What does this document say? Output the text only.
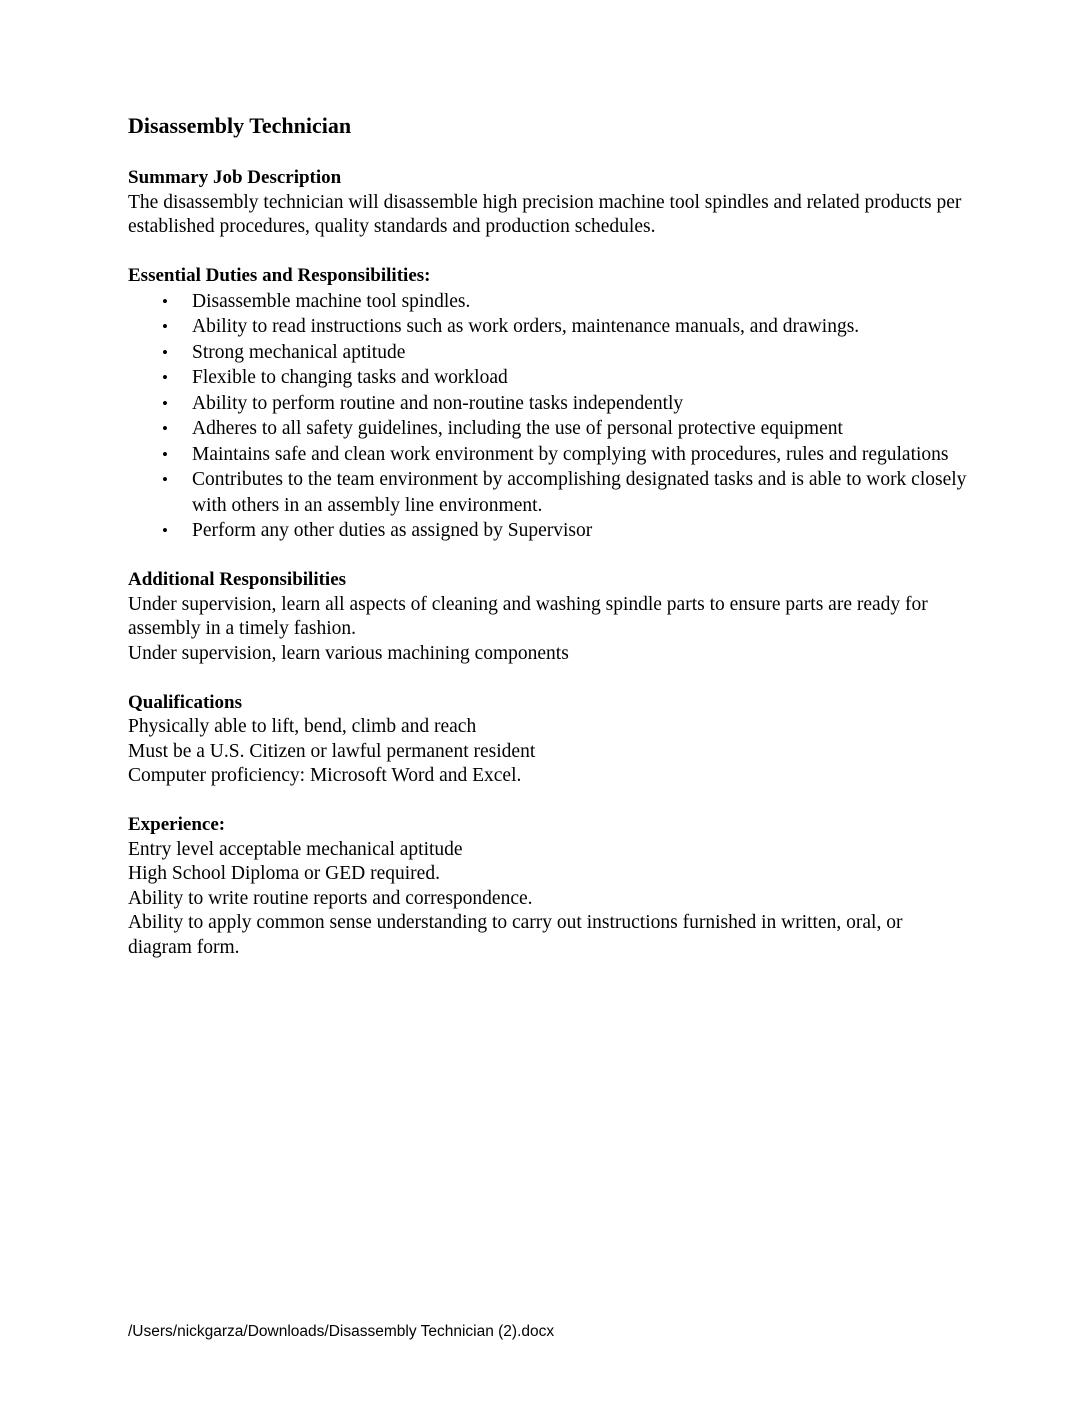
Disassembly Technician

Summary Job Description

The disassembly technician will disassemble high precision machine tool spindles and related products per established procedures, quality standards and production schedules.

Essential Duties and Responsibilities:

• Disassemble machine tool spindles.
• Ability to read instructions such as work orders, maintenance manuals, and drawings.
• Strong mechanical aptitude
• Flexible to changing tasks and workload
• Ability to perform routine and non-routine tasks independently
• Adheres to all safety guidelines, including the use of personal protective equipment
• Maintains safe and clean work environment by complying with procedures, rules and regulations
• Contributes to the team environment by accomplishing designated tasks and is able to work closely with others in an assembly line environment.
• Perform any other duties as assigned by Supervisor

Additional Responsibilities

Under supervision, learn all aspects of cleaning and washing spindle parts to ensure parts are ready for assembly in a timely fashion.

Under supervision, learn various machining components

Qualifications

Physically able to lift, bend, climb and reach

Must be a U.S. Citizen or lawful permanent resident

Computer proficiency: Microsoft Word and Excel.

Experience:

Entry level acceptable mechanical aptitude

High School Diploma or GED required.

Ability to write routine reports and correspondence.

Ability to apply common sense understanding to carry out instructions furnished in written, oral, or diagram form.

/Users/nickgarza/Downloads/Disassembly Technician (2).docx
